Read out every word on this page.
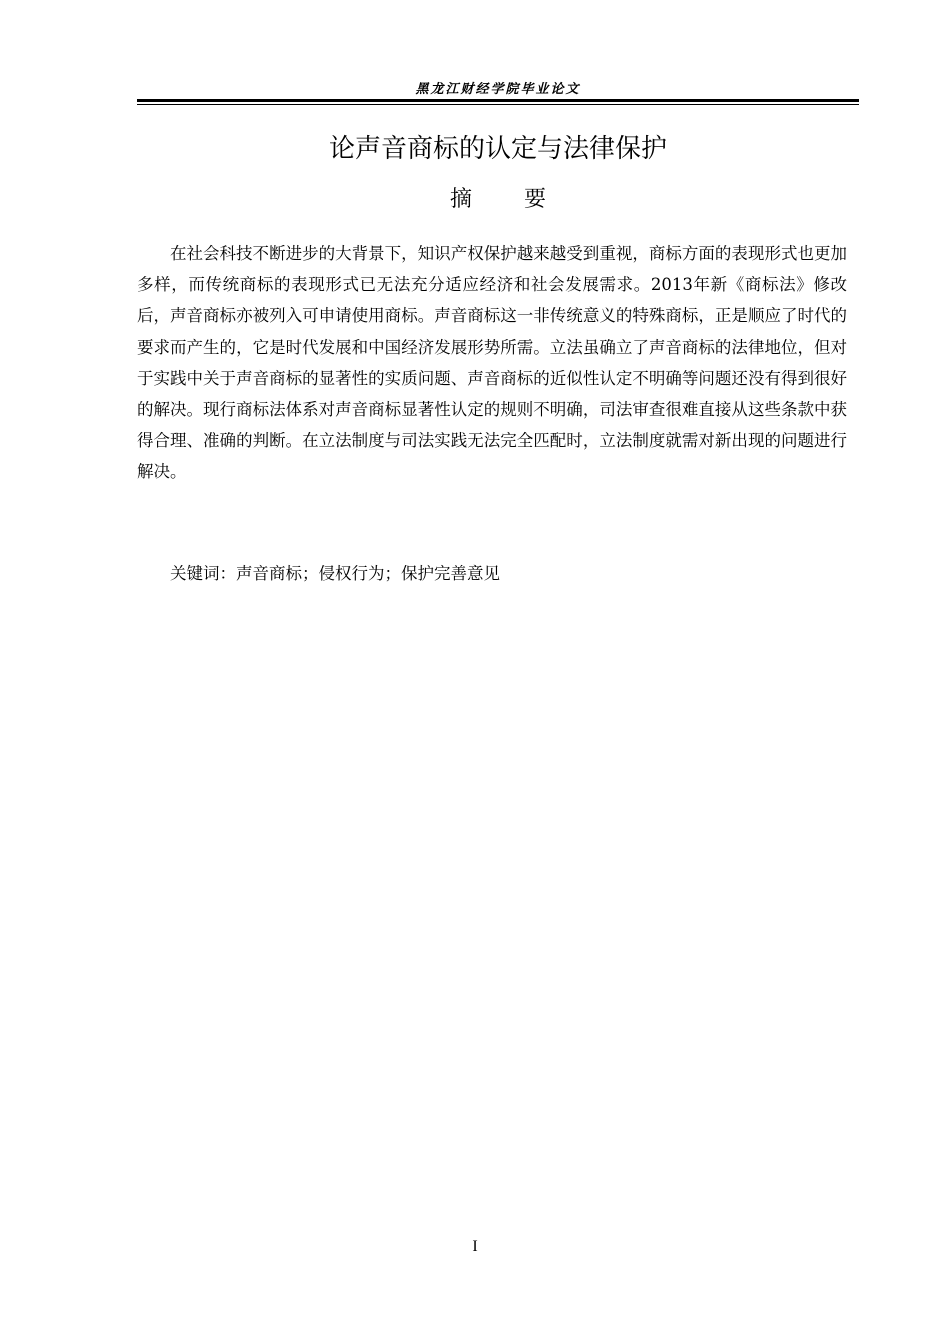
黑龙江财经学院毕业论文
论声音商标的认定与法律保护
摘 要
在社会科技不断进步的大背景下，知识产权保护越来越受到重视，商标方面的表现形式也更加多样，而传统商标的表现形式已无法充分适应经济和社会发展需求。2013年新《商标法》修改后，声音商标亦被列入可申请使用商标。声音商标这一非传统意义的特殊商标，正是顺应了时代的要求而产生的，它是时代发展和中国经济发展形势所需。立法虽确立了声音商标的法律地位，但对于实践中关于声音商标的显著性的实质问题、声音商标的近似性认定不明确等问题还没有得到很好的解决。现行商标法体系对声音商标显著性认定的规则不明确，司法审查很难直接从这些条款中获得合理、准确的判断。在立法制度与司法实践无法完全匹配时，立法制度就需对新出现的问题进行解决。
关键词：声音商标；侵权行为；保护完善意见
I
